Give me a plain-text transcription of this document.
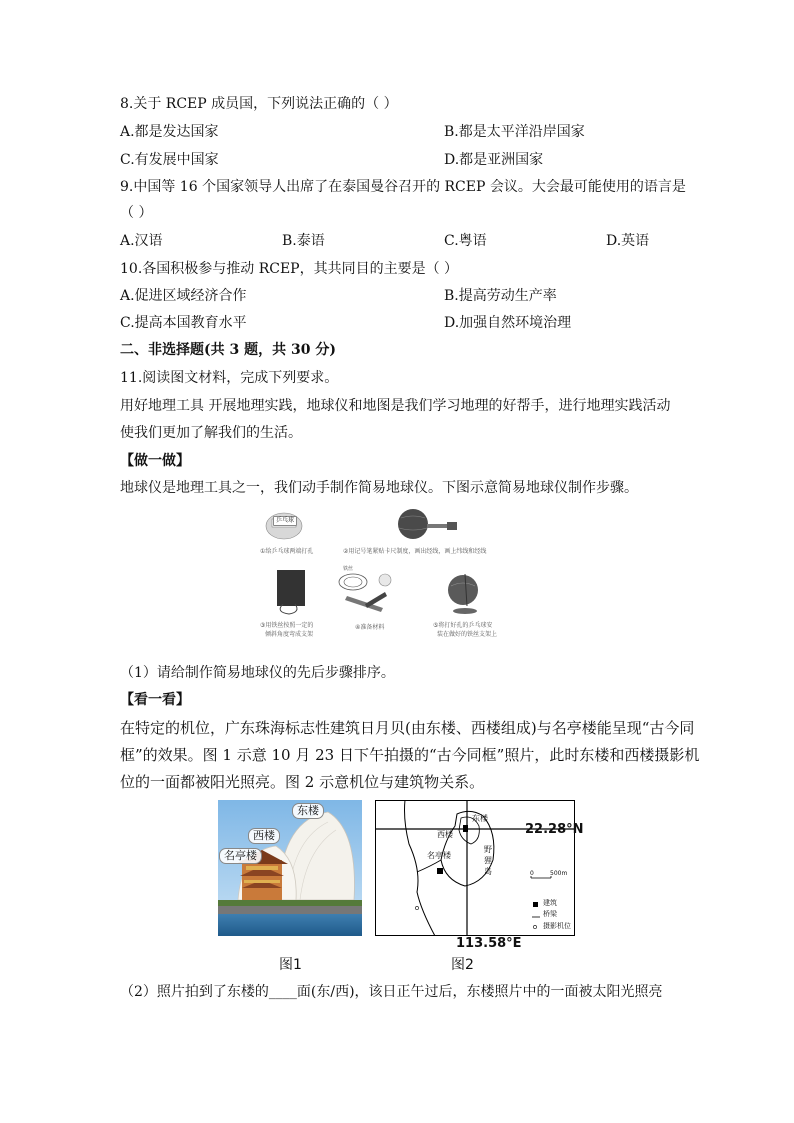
8.关于 RCEP 成员国，下列说法正确的（ ）
A.都是发达国家	B.都是太平洋沿岸国家
C.有发展中国家	D.都是亚洲国家
9.中国等 16 个国家领导人出席了在泰国曼谷召开的 RCEP 会议。大会最可能使用的语言是
（ ）
A.汉语	B.泰语	C.粤语	D.英语
10.各国积极参与推动 RCEP，其共同目的主要是（ ）
A.促进区域经济合作	B.提高劳动生产率
C.提高本国教育水平	D.加强自然环境治理
二、非选择题(共 3 题，共 30 分)
11.阅读图文材料，完成下列要求。
用好地理工具 开展地理实践，地球仪和地图是我们学习地理的好帮手，进行地理实践活动
使我们更加了解我们的生活。
【做一做】
地球仪是地理工具之一，我们动手制作简易地球仪。下图示意简易地球仪制作步骤。
铁丝
乒乓球
①给乒乓球两端打孔	②用记号笔紧贴卡尺制度，画出经线，画上纬线和经线
③用铁丝按照一定的
倾斜角度弯成支架
④准备材料	⑤将打好孔的乒乓球安
装在做好的铁丝支架上
（1）请给制作简易地球仪的先后步骤排序。
【看一看】
在特定的机位，广东珠海标志性建筑日月贝(由东楼、西楼组成)与名亭楼能呈现“古今同
框”的效果。图 1 示意 10 月 23 日下午拍摄的“古今同框”照片，此时东楼和西楼摄影机
位的一面都被阳光照亮。图 2 示意机位与建筑物关系。
东楼
西楼
名亭楼
22.28°N
113.58°E
东楼
西楼
名亭楼
野
狸
岛	0	500m
建筑
桥梁
摄影机位
图1	图2
（2）照片拍到了东楼的____面(东/西)，该日正午过后，东楼照片中的一面被太阳光照亮
